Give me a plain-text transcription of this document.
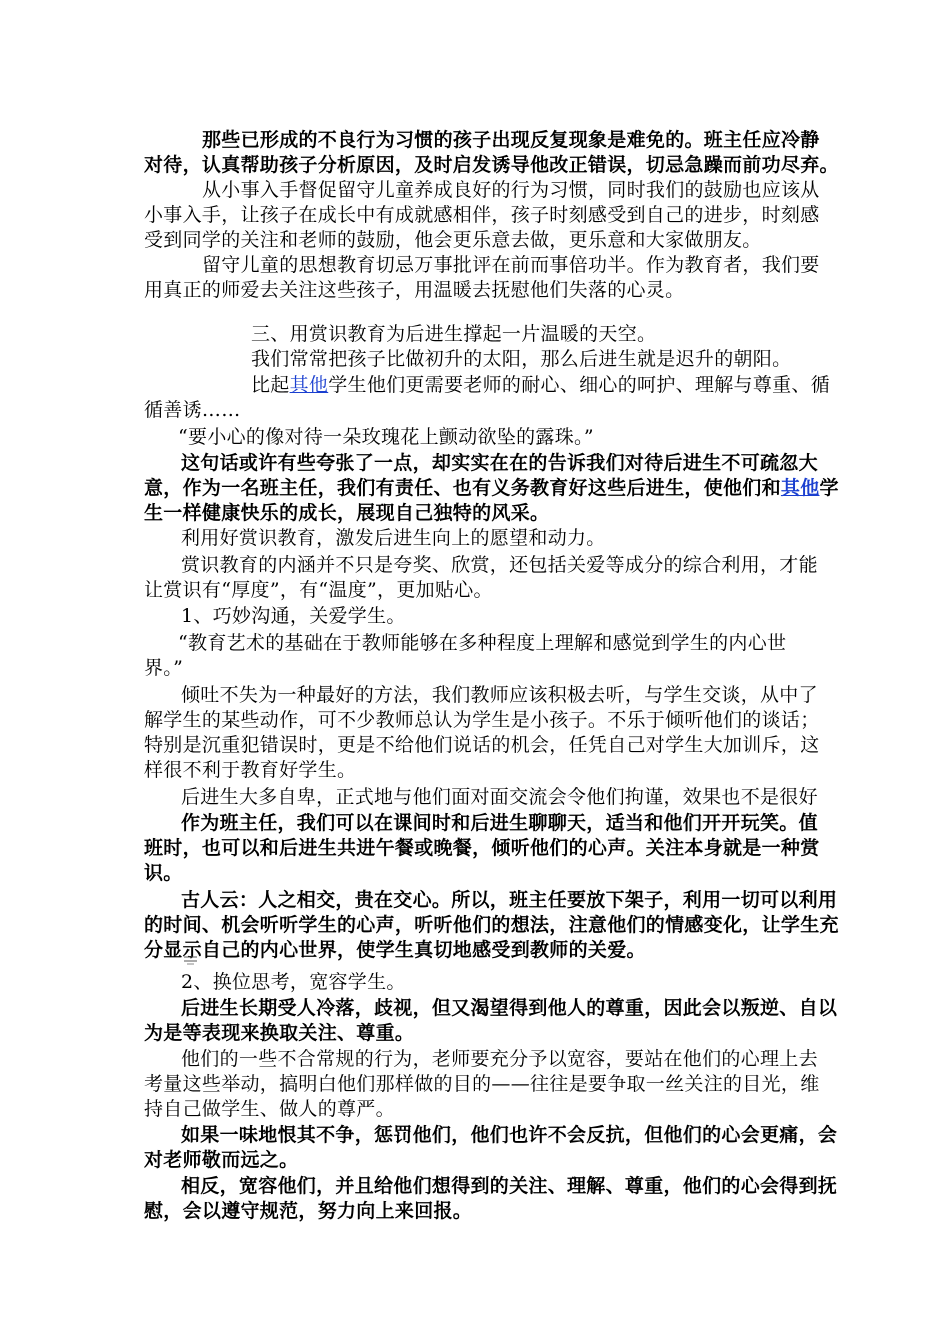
那些已形成的不良行为习惯的孩子出现反复现象是难免的。班主任应冷静
对待，认真帮助孩子分析原因，及时启发诱导他改正错误，切忌急躁而前功尽弃。
从小事入手督促留守儿童养成良好的行为习惯，同时我们的鼓励也应该从
小事入手，让孩子在成长中有成就感相伴，孩子时刻感受到自己的进步，时刻感
受到同学的关注和老师的鼓励，他会更乐意去做，更乐意和大家做朋友。
留守儿童的思想教育切忌万事批评在前而事倍功半。作为教育者，我们要
用真正的师爱去关注这些孩子，用温暖去抚慰他们失落的心灵。
三、用赏识教育为后进生撑起一片温暖的天空。
我们常常把孩子比做初升的太阳，那么后进生就是迟升的朝阳。
比起其他学生他们更需要老师的耐心、细心的呵护、理解与尊重、循
循善诱……
“要小心的像对待一朵玫瑰花上颤动欲坠的露珠。”
这句话或许有些夸张了一点，却实实在在的告诉我们对待后进生不可疏忽大
意，作为一名班主任，我们有责任、也有义务教育好这些后进生，使他们和其他学
生一样健康快乐的成长，展现自己独特的风采。
利用好赏识教育，激发后进生向上的愿望和动力。
赏识教育的内涵并不只是夸奖、欣赏，还包括关爱等成分的综合利用，才能
让赏识有“厚度”，有“温度”，更加贴心。
1、巧妙沟通，关爱学生。
“教育艺术的基础在于教师能够在多种程度上理解和感觉到学生的内心世
界。”
倾吐不失为一种最好的方法，我们教师应该积极去听，与学生交谈，从中了
解学生的某些动作，可不少教师总认为学生是小孩子。不乐于倾听他们的谈话；
特别是沉重犯错误时，更是不给他们说话的机会，任凭自己对学生大加训斥，这
样很不利于教育好学生。
后进生大多自卑，正式地与他们面对面交流会令他们拘谨，效果也不是很好
作为班主任，我们可以在课间时和后进生聊聊天，适当和他们开开玩笑。值
班时，也可以和后进生共进午餐或晚餐，倾听他们的心声。关注本身就是一种赏
识。
古人云：人之相交，贵在交心。所以，班主任要放下架子，利用一切可以利用
的时间、机会听听学生的心声，听听他们的想法，注意他们的情感变化，让学生充
分显示自己的内心世界，使学生真切地感受到教师的关爱。
2、换位思考，宽容学生。
后进生长期受人冷落，歧视，但又渴望得到他人的尊重，因此会以叛逆、自以
为是等表现来换取关注、尊重。
他们的一些不合常规的行为，老师要充分予以宽容，要站在他们的心理上去
考量这些举动，搞明白他们那样做的目的——往往是要争取一丝关注的目光，维
持自己做学生、做人的尊严。
如果一味地恨其不争，惩罚他们，他们也许不会反抗，但他们的心会更痛，会
对老师敬而远之。
相反，宽容他们，并且给他们想得到的关注、理解、尊重，他们的心会得到抚
慰，会以遵守规范，努力向上来回报。
